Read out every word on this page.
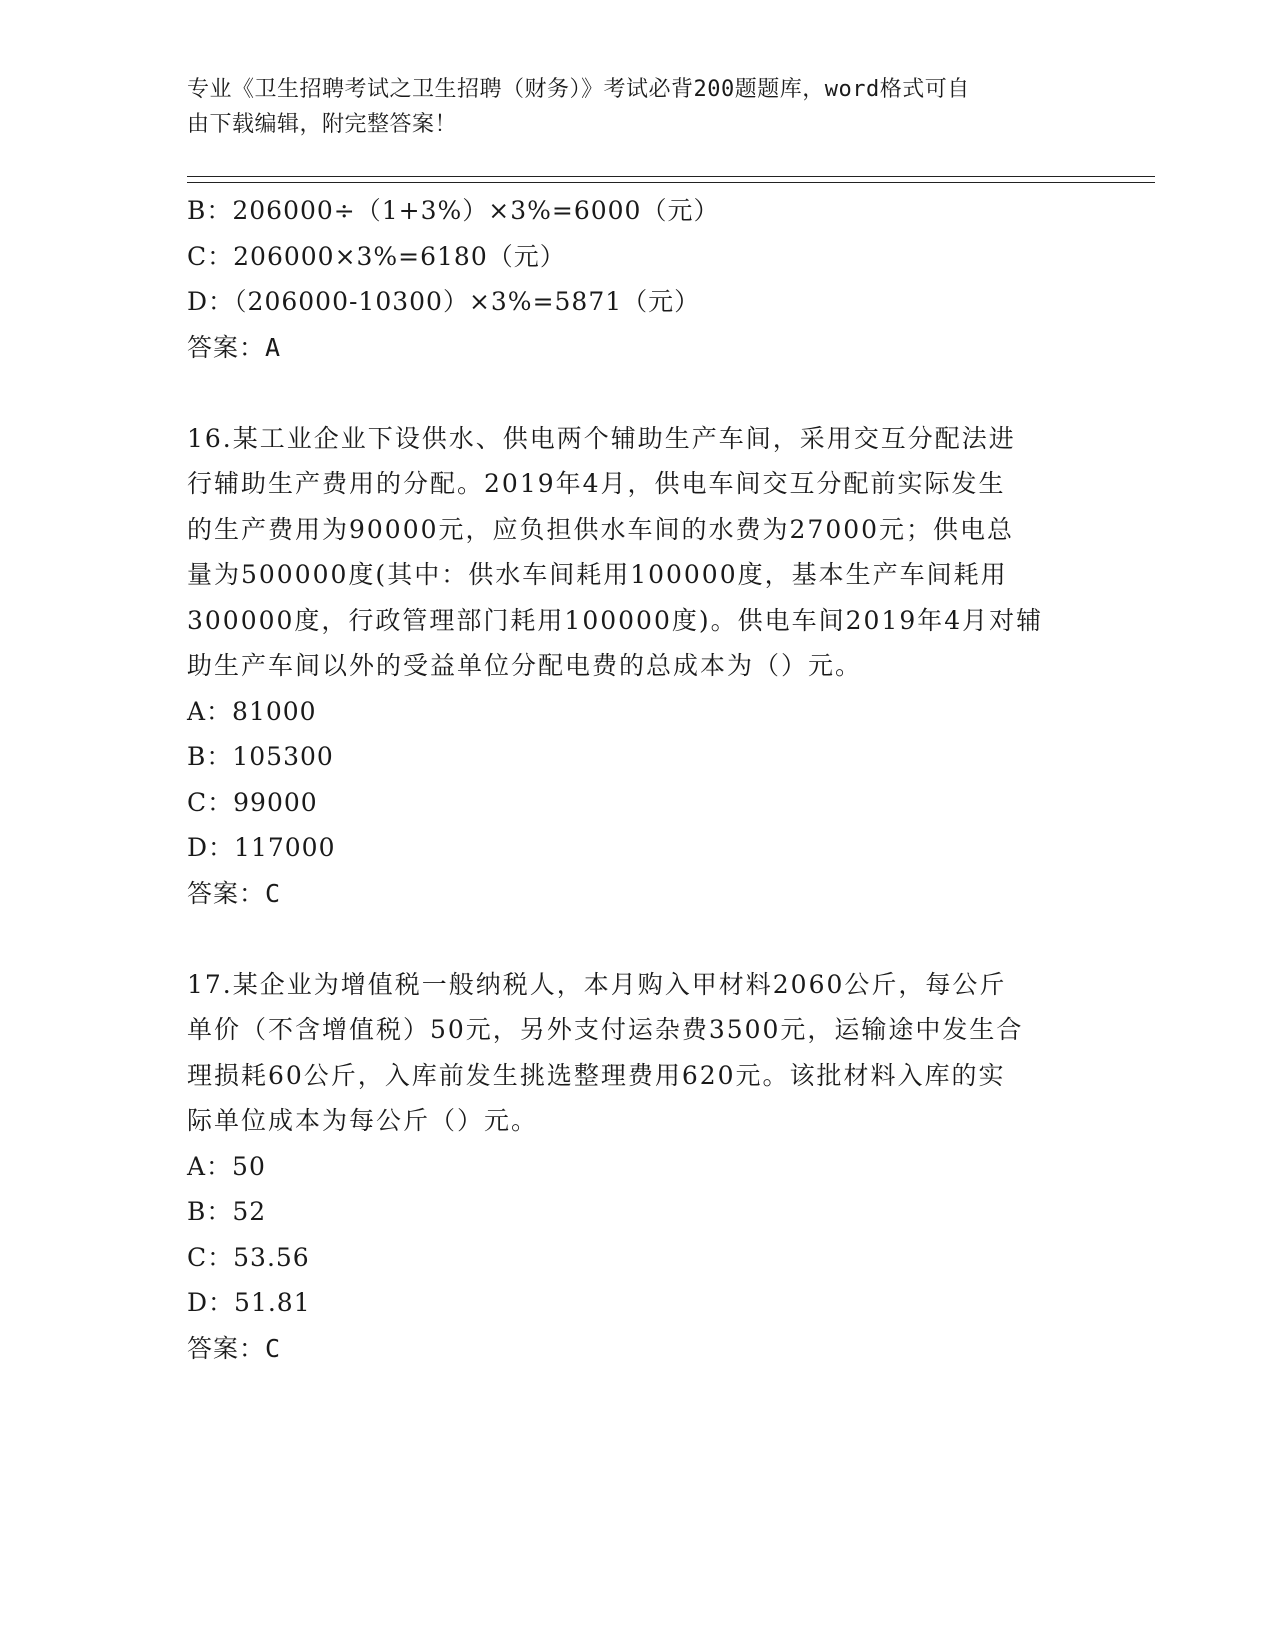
专业《卫生招聘考试之卫生招聘（财务）》考试必背200题题库，word格式可自
由下载编辑，附完整答案！
B：206000÷（1+3%）×3%=6000（元）
C：206000×3%=6180（元）
D：（206000-10300）×3%=5871（元）
答案：A
16.某工业企业下设供水、供电两个辅助生产车间，采用交互分配法进
行辅助生产费用的分配。2019年4月，供电车间交互分配前实际发生
的生产费用为90000元，应负担供水车间的水费为27000元；供电总
量为500000度(其中：供水车间耗用100000度，基本生产车间耗用
300000度，行政管理部门耗用100000度)。供电车间2019年4月对辅
助生产车间以外的受益单位分配电费的总成本为（）元。
A：81000
B：105300
C：99000
D：117000
答案：C
17.某企业为增值税一般纳税人，本月购入甲材料2060公斤，每公斤
单价（不含增值税）50元，另外支付运杂费3500元，运输途中发生合
理损耗60公斤，入库前发生挑选整理费用620元。该批材料入库的实
际单位成本为每公斤（）元。
A：50
B：52
C：53.56
D：51.81
答案：C
